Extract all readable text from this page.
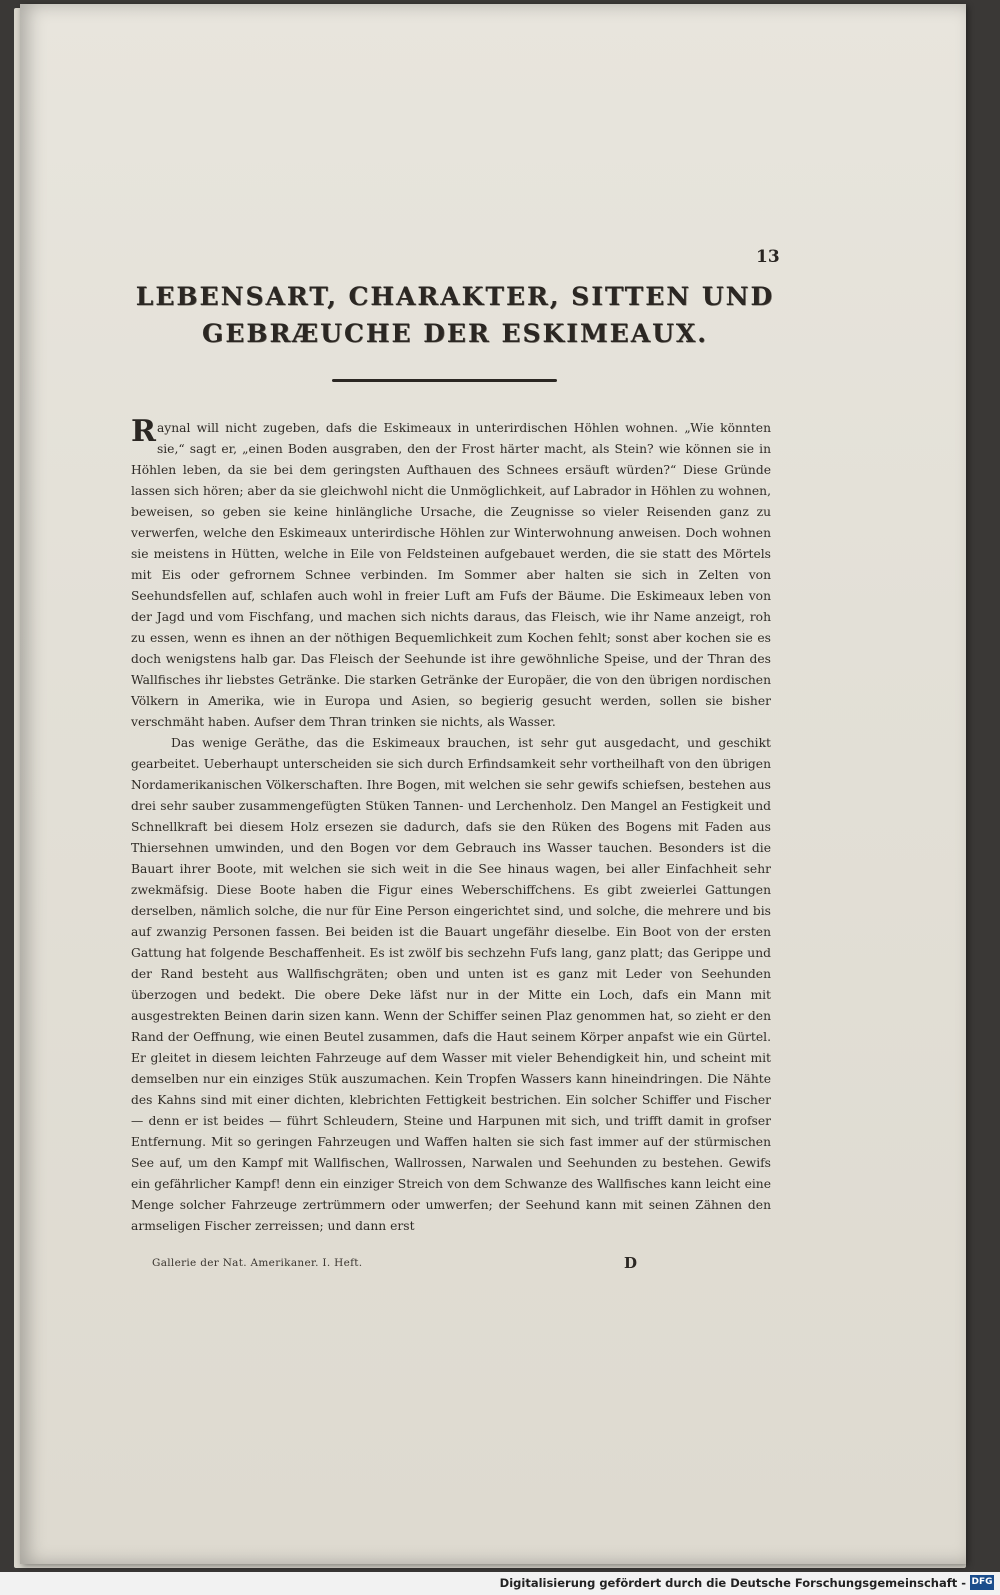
13
LEBENSART, CHARAKTER, SITTEN UND
GEBRÆUCHE DER ESKIMEAUX.

Raynal will nicht zugeben, dafs die Eskimeaux in unterirdischen Höhlen wohnen. „Wie könnten sie,“ sagt er, „einen Boden ausgraben, den der Frost härter macht, als Stein? wie können sie in Höhlen leben, da sie bei dem geringsten Aufthauen des Schnees ersäuft würden?“ Diese Gründe lassen sich hören; aber da sie gleichwohl nicht die Unmöglichkeit, auf Labrador in Höhlen zu wohnen, beweisen, so geben sie keine hinlängliche Ursache, die Zeugnisse so vieler Reisenden ganz zu verwerfen, welche den Eskimeaux unterirdische Höhlen zur Winterwohnung anweisen. Doch wohnen sie meistens in Hütten, welche in Eile von Feldsteinen aufgebauet werden, die sie statt des Mörtels mit Eis oder gefrornem Schnee verbinden. Im Sommer aber halten sie sich in Zelten von Seehundsfellen auf, schlafen auch wohl in freier Luft am Fufs der Bäume. Die Eskimeaux leben von der Jagd und vom Fischfang, und machen sich nichts daraus, das Fleisch, wie ihr Name anzeigt, roh zu essen, wenn es ihnen an der nöthigen Bequemlichkeit zum Kochen fehlt; sonst aber kochen sie es doch wenigstens halb gar. Das Fleisch der Seehunde ist ihre gewöhnliche Speise, und der Thran des Wallfisches ihr liebstes Getränke. Die starken Getränke der Europäer, die von den übrigen nordischen Völkern in Amerika, wie in Europa und Asien, so begierig gesucht werden, sollen sie bisher verschmäht haben. Aufser dem Thran trinken sie nichts, als Wasser.

Das wenige Geräthe, das die Eskimeaux brauchen, ist sehr gut ausgedacht, und geschikt gearbeitet. Ueberhaupt unterscheiden sie sich durch Erfindsamkeit sehr vortheilhaft von den übrigen Nordamerikanischen Völkerschaften. Ihre Bogen, mit welchen sie sehr gewifs schiefsen, bestehen aus drei sehr sauber zusammengefügten Stüken Tannen- und Lerchenholz. Den Mangel an Festigkeit und Schnellkraft bei diesem Holz ersezen sie dadurch, dafs sie den Rüken des Bogens mit Faden aus Thiersehnen umwinden, und den Bogen vor dem Gebrauch ins Wasser tauchen. Besonders ist die Bauart ihrer Boote, mit welchen sie sich weit in die See hinaus wagen, bei aller Einfachheit sehr zwekmäfsig. Diese Boote haben die Figur eines Weberschiffchens. Es gibt zweierlei Gattungen derselben, nämlich solche, die nur für Eine Person eingerichtet sind, und solche, die mehrere und bis auf zwanzig Personen fassen. Bei beiden ist die Bauart ungefähr dieselbe. Ein Boot von der ersten Gattung hat folgende Beschaffenheit. Es ist zwölf bis sechzehn Fufs lang, ganz platt; das Gerippe und der Rand besteht aus Wallfischgräten; oben und unten ist es ganz mit Leder von Seehunden überzogen und bedekt. Die obere Deke läfst nur in der Mitte ein Loch, dafs ein Mann mit ausgestrekten Beinen darin sizen kann. Wenn der Schiffer seinen Plaz genommen hat, so zieht er den Rand der Oeffnung, wie einen Beutel zusammen, dafs die Haut seinem Körper anpafst wie ein Gürtel. Er gleitet in diesem leichten Fahrzeuge auf dem Wasser mit vieler Behendigkeit hin, und scheint mit demselben nur ein einziges Stük auszumachen. Kein Tropfen Wassers kann hineindringen. Die Nähte des Kahns sind mit einer dichten, klebrichten Fettigkeit bestrichen. Ein solcher Schiffer und Fischer — denn er ist beides — führt Schleudern, Steine und Harpunen mit sich, und trifft damit in grofser Entfernung. Mit so geringen Fahrzeugen und Waffen halten sie sich fast immer auf der stürmischen See auf, um den Kampf mit Wallfischen, Wallrossen, Narwalen und Seehunden zu bestehen. Gewifs ein gefährlicher Kampf! denn ein einziger Streich von dem Schwanze des Wallfisches kann leicht eine Menge solcher Fahrzeuge zertrümmern oder umwerfen; der Seehund kann mit seinen Zähnen den armseligen Fischer zerreissen; und dann erst

Gallerie der Nat. Amerikaner. I. Heft.	D
Digitalisierung gefördert durch die Deutsche Forschungsgemeinschaft - DFG
